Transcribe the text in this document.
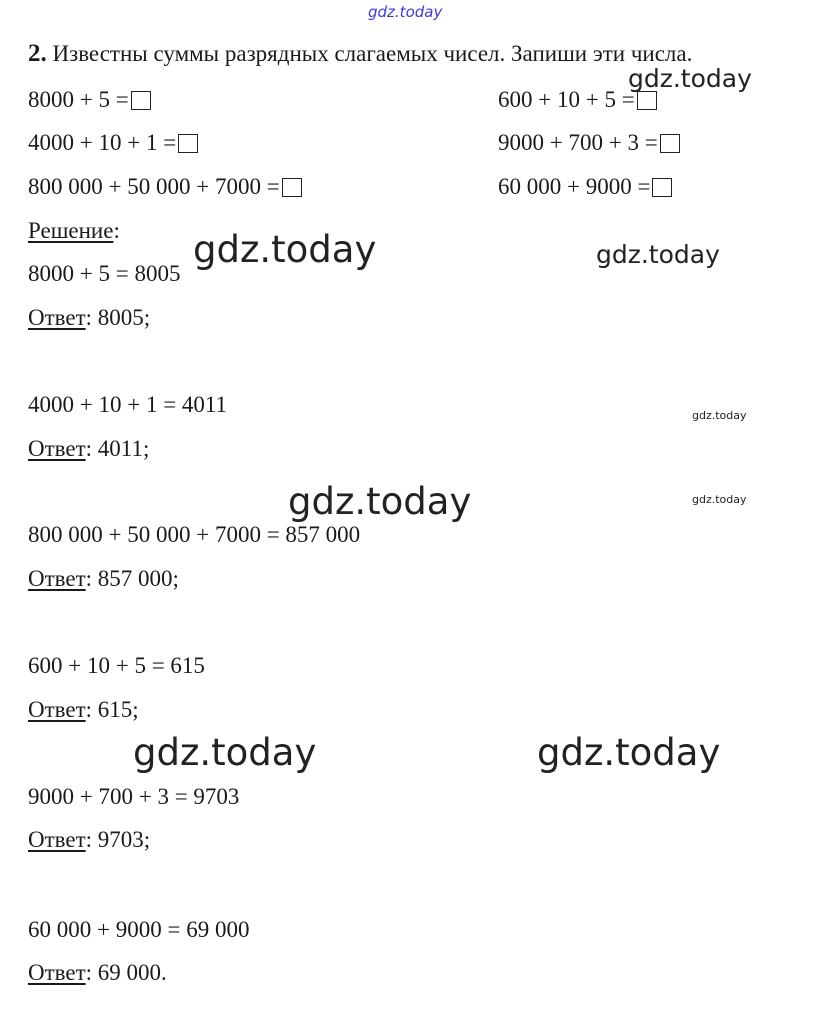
gdz.today
2. Известны суммы разрядных слагаемых чисел. Запиши эти числа.
8000 + 5 =	600 + 10 + 5 =
4000 + 10 + 1 =	9000 + 700 + 3 =
800 000 + 50 000 + 7000 =	60 000 + 9000 =
Решение:
8000 + 5 = 8005
Ответ: 8005;
4000 + 10 + 1 = 4011
Ответ: 4011;
800 000 + 50 000 + 7000 = 857 000
Ответ: 857 000;
600 + 10 + 5 = 615
Ответ: 615;
9000 + 700 + 3 = 9703
Ответ: 9703;
60 000 + 9000 = 69 000
Ответ: 69 000.
gdz.today
gdz.today	gdz.today
gdz.today
gdz.today	gdz.today
gdz.today	gdz.today
